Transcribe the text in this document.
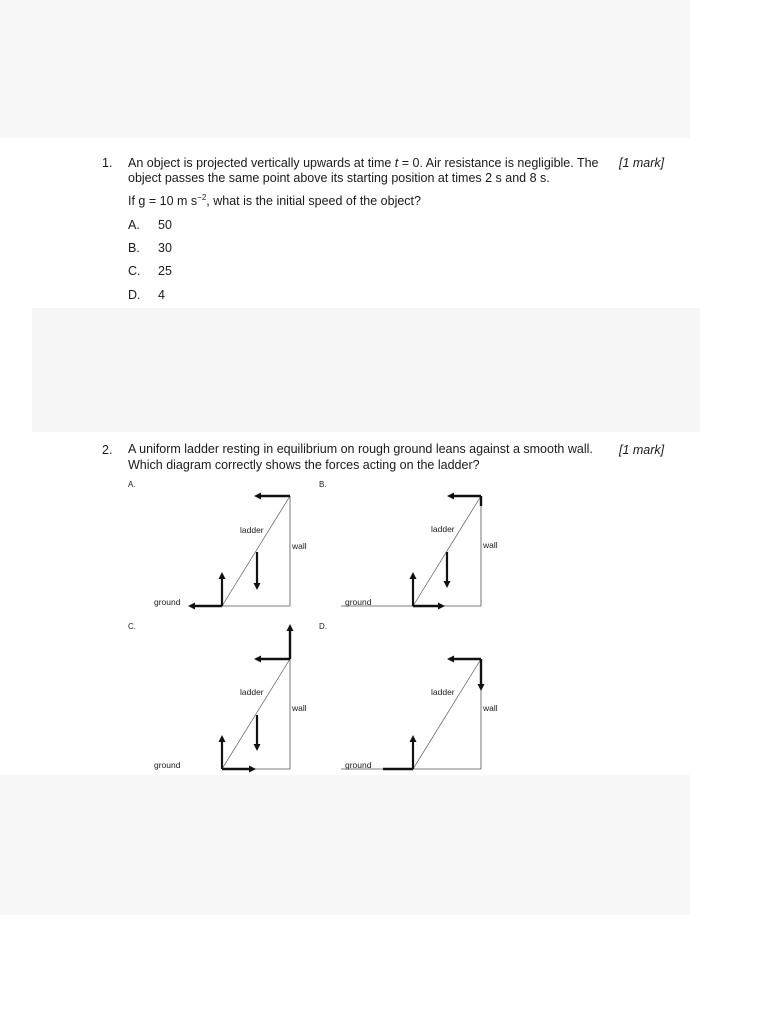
1. An object is projected vertically upwards at time t = 0. Air resistance is negligible. The [1 mark]
object passes the same point above its starting position at times 2 s and 8 s.
If g = 10 m $s^{-2}$, what is the initial speed of the object?
A. 50
B. 30
C. 25
D. 4
2. A uniform ladder resting in equilibrium on rough ground leans against a smooth wall. [1 mark]
Which diagram correctly shows the forces acting on the ladder?
A.
ladder
wall
ground
B.
ladder
wall
ground
C.
ladder
wall
ground
D.
ladder
wall
ground
